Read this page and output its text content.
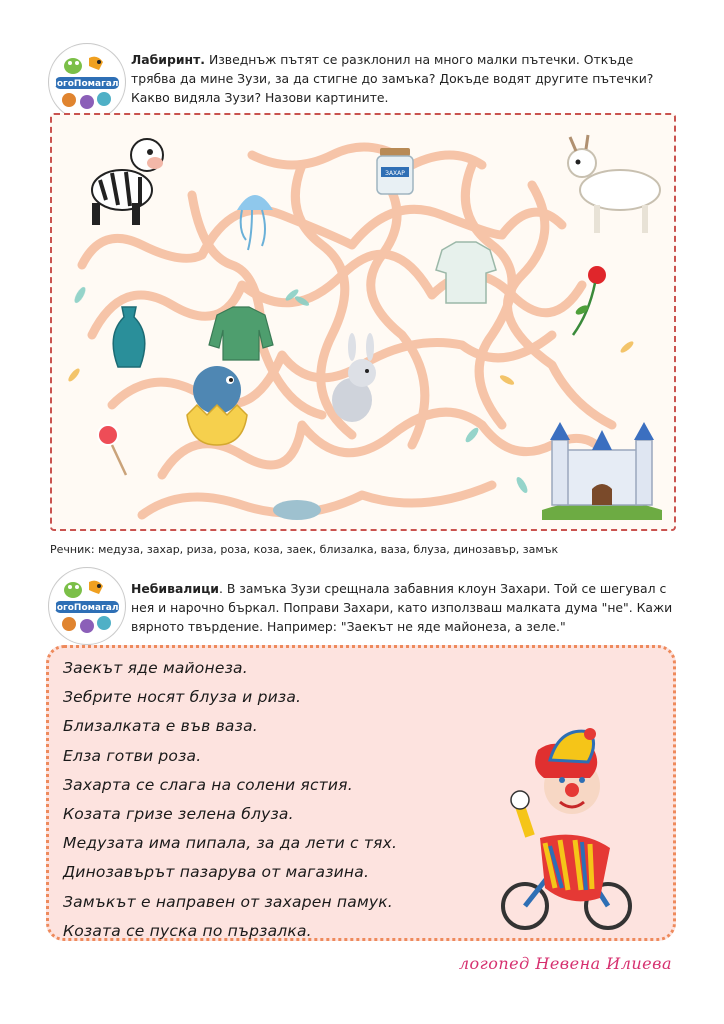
ЛогоПомагало
Лабиринт. Изведнъж пътят се разклонил на много малки пътечки. Откъде трябва да мине Зузи, за да стигне до замъка? Докъде водят другите пътечки? Какво видяла Зузи? Назови картините.
ЗАХАР
Речник: медуза, захар, риза, роза, коза, заек, близалка, ваза, блуза, динозавър, замък
ЛогоПомагало
Небивалици. В замъка Зузи срещнала забавния клоун Захари. Той се шегувал с нея и нарочно бъркал. Поправи Захари, като използваш малката дума "не". Кажи вярното твърдение. Например: "Заекът не яде майонеза, а зеле."
Заекът яде майонеза.
Зебрите носят блуза и риза.
Близалката е във ваза.
Елза готви роза.
Захарта се слага на солени ястия.
Козата гризе зелена блуза.
Медузата има пипала, за да лети с тях.
Динозавърът пазарува от магазина.
Замъкът е направен от захарен памук.
Козата се пуска по пързалка.
логопед Невена Илиева
